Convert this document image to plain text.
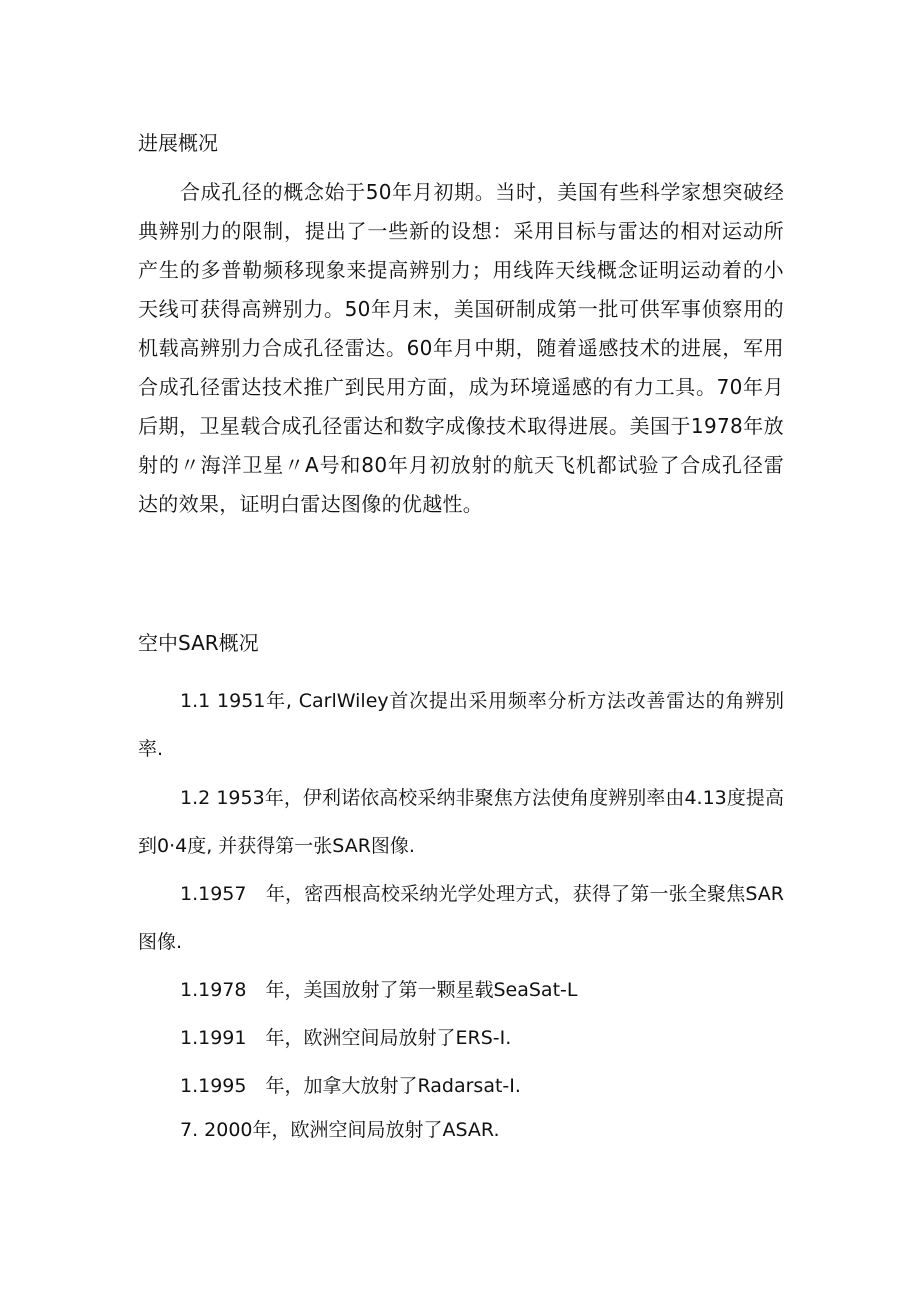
进展概况
合成孔径的概念始于50年月初期。当时，美国有些科学家想突破经典辨别力的限制，提出了一些新的设想：采用目标与雷达的相对运动所产生的多普勒频移现象来提高辨别力；用线阵天线概念证明运动着的小天线可获得高辨别力。50年月末，美国研制成第一批可供军事侦察用的机载高辨别力合成孔径雷达。60年月中期，随着遥感技术的进展，军用合成孔径雷达技术推广到民用方面，成为环境遥感的有力工具。70年月后期，卫星载合成孔径雷达和数字成像技术取得进展。美国于1978年放射的〃海洋卫星〃A号和80年月初放射的航天飞机都试验了合成孔径雷达的效果，证明白雷达图像的优越性。
空中SAR概况
1.1 1951年, CarlWiley首次提出采用频率分析方法改善雷达的角辨别率.
1.2 1953年，伊利诺依高校采纳非聚焦方法使角度辨别率由4.13度提高到0·4度, 并获得第一张SAR图像.
1.1957　年，密西根高校采纳光学处理方式，获得了第一张全聚焦SAR图像.
1.1978　年，美国放射了第一颗星载SeaSat-L
1.1991　年，欧洲空间局放射了ERS-I.
1.1995　年，加拿大放射了Radarsat-I.
7. 2000年，欧洲空间局放射了ASAR.
